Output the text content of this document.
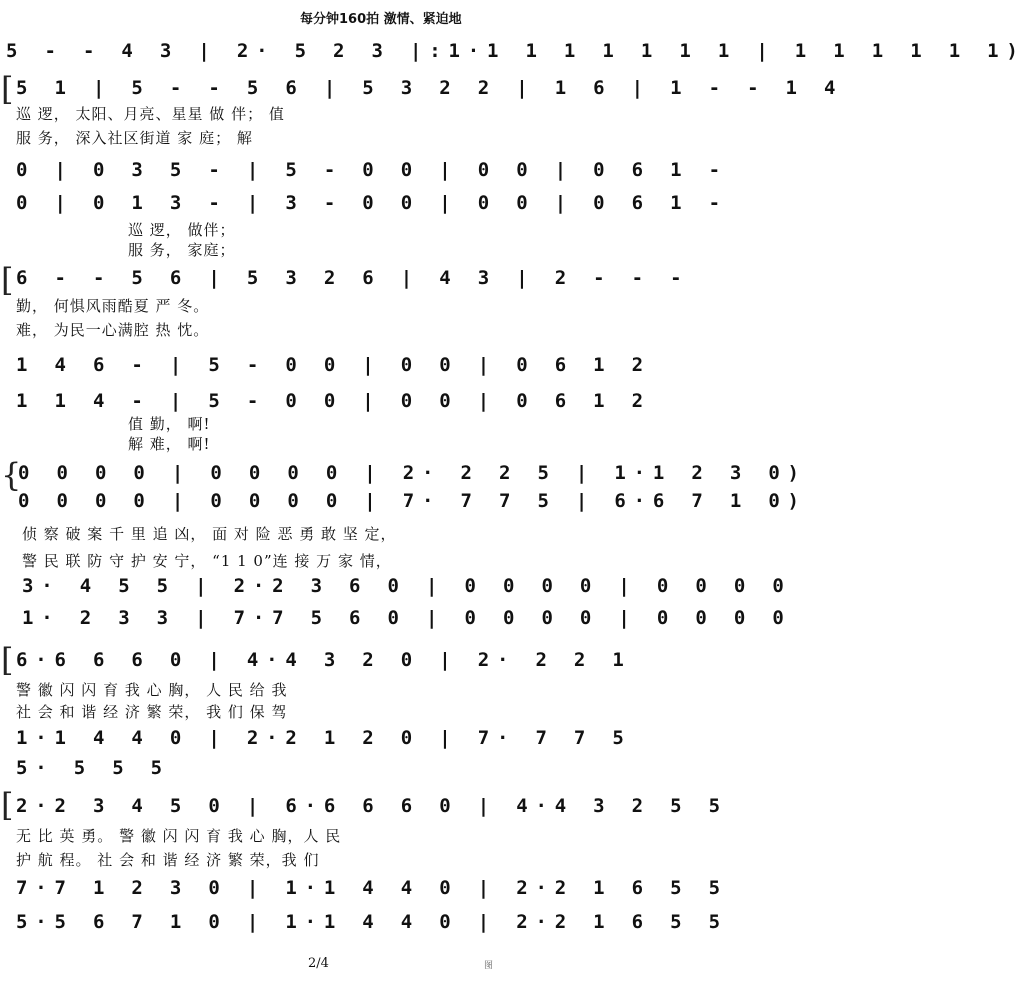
每分钟160拍 激情、紧迫地
5 - - 4 3 | 2· 5 2 3 |:1·1 1 1 1 1 1 1 | 1 1 1 1 1 1)
[ 5 1 | 5 - - 5 6 | 5 3 2 2 | 1 6 | 1 - - 1 4
巡 逻， 太阳、月亮、星星 做 伴； 值
服 务， 深入社区街道 家 庭； 解
0 | 0 3 5 - | 5 - 0 0 | 0 0 | 0 6 1 -
0 | 0 1 3 - | 3 - 0 0 | 0 0 | 0 6 1 -
巡 逻， 做伴；
服 务， 家庭；
[ 6 - - 5 6 | 5 3 2 6 | 4 3 | 2 - - -
勤， 何惧风雨酷夏 严 冬。
难， 为民一心满腔 热 忱。
1 4 6 - | 5 - 0 0 | 0 0 | 0 6 1 2
1 1 4 - | 5 - 0 0 | 0 0 | 0 6 1 2
值 勤， 啊!
解 难， 啊!
{
0 0 0 0 | 0 0 0 0 | 2· 2 2 5 | 1·1 2 3 0)
0 0 0 0 | 0 0 0 0 | 7· 7 7 5 | 6·6 7 1 0)
侦 察 破 案 千 里 追 凶， 面 对 险 恶 勇 敢 坚 定，
警 民 联 防 守 护 安 宁， “1 1 0”连 接 万 家 情，
3· 4 5 5 | 2·2 3 6 0 | 0 0 0 0 | 0 0 0 0
1· 2 3 3 | 7·7 5 6 0 | 0 0 0 0 | 0 0 0 0
[ 6·6 6 6 0 | 4·4 3 2 0 | 2· 2 2 1
警 徽 闪 闪 育 我 心 胸， 人 民 给 我
社 会 和 谐 经 济 繁 荣， 我 们 保 驾
1·1 4 4 0 | 2·2 1 2 0 | 7· 7 7 5
5· 5 5 5
[ 2·2 3 4 5 0 | 6·6 6 6 0 | 4·4 3 2 5 5
无 比 英 勇。 警 徽 闪 闪 育 我 心 胸，人 民
护 航 程。 社 会 和 谐 经 济 繁 荣，我 们
7·7 1 2 3 0 | 1·1 4 4 0 | 2·2 1 6 5 5
5·5 6 7 1 0 | 1·1 4 4 0 | 2·2 1 6 5 5
2/4	图
